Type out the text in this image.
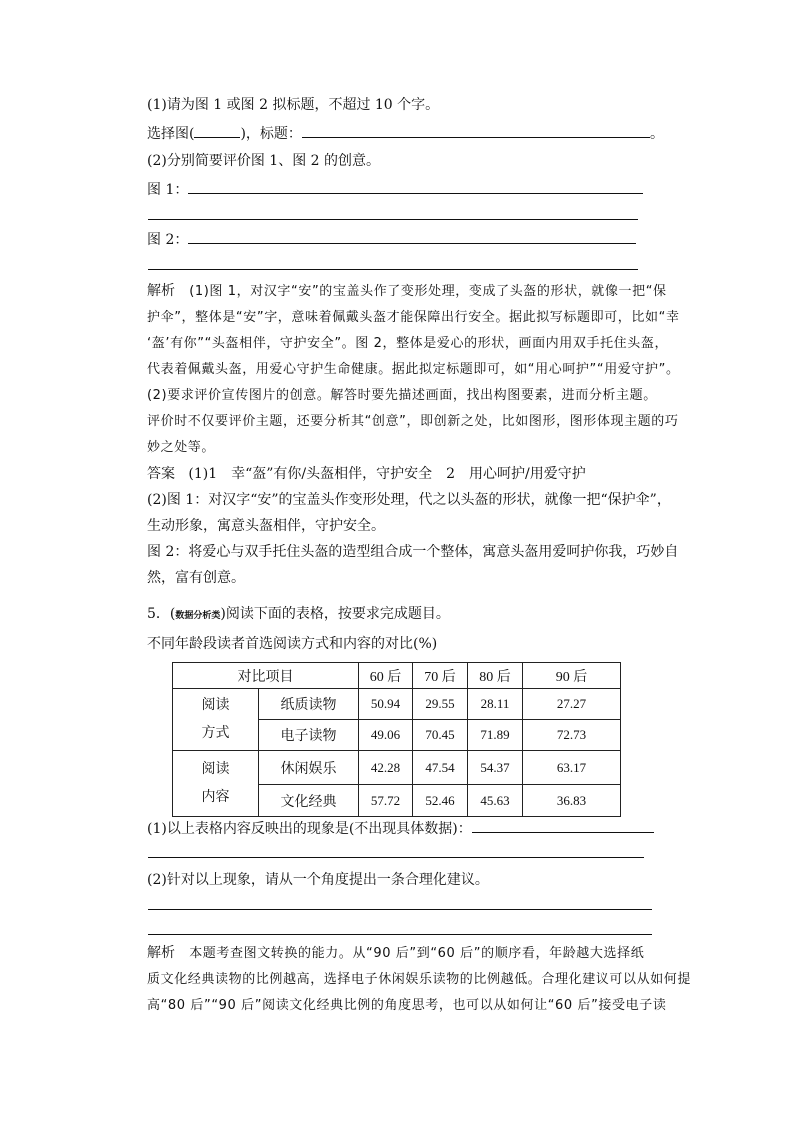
(1)请为图 1 或图 2 拟标题，不超过 10 个字。
选择图(	)，标题：	。
(2)分别简要评价图 1、图 2 的创意。
图 1：
图 2：
解析 (1)图 1，对汉字“安”的宝盖头作了变形处理，变成了头盔的形状，就像一把“保
护伞”，整体是“安”字，意味着佩戴头盔才能保障出行安全。据此拟写标题即可，比如“幸
‘盔’有你”“头盔相伴，守护安全”。图 2，整体是爱心的形状，画面内用双手托住头盔，
代表着佩戴头盔，用爱心守护生命健康。据此拟定标题即可，如“用心呵护”“用爱守护”。
(2)要求评价宣传图片的创意。解答时要先描述画面，找出构图要素，进而分析主题。
评价时不仅要评价主题，还要分析其“创意”，即创新之处，比如图形，图形体现主题的巧
妙之处等。
答案 (1)1　幸“盔”有你/头盔相伴，守护安全　2　用心呵护/用爱守护
(2)图 1：对汉字“安”的宝盖头作变形处理，代之以头盔的形状，就像一把“保护伞”，
生动形象，寓意头盔相伴，守护安全。
图 2：将爱心与双手托住头盔的造型组合成一个整体，寓意头盔用爱呵护你我，巧妙自
然，富有创意。
5．(数据分析类)阅读下面的表格，按要求完成题目。
不同年龄段读者首选阅读方式和内容的对比(%)
对比项目		60 后	70 后	80 后	90 后
阅读
方式	纸质读物	50.94	29.55	28.11	27.27
	电子读物	49.06	70.45	71.89	72.73
阅读
内容	休闲娱乐	42.28	47.54	54.37	63.17
	文化经典	57.72	52.46	45.63	36.83
(1)以上表格内容反映出的现象是(不出现具体数据)：
(2)针对以上现象，请从一个角度提出一条合理化建议。
解析 本题考查图文转换的能力。从“90 后”到“60 后”的顺序看，年龄越大选择纸
质文化经典读物的比例越高，选择电子休闲娱乐读物的比例越低。合理化建议可以从如何提
高“80 后”“90 后”阅读文化经典比例的角度思考，也可以从如何让“60 后”接受电子读
